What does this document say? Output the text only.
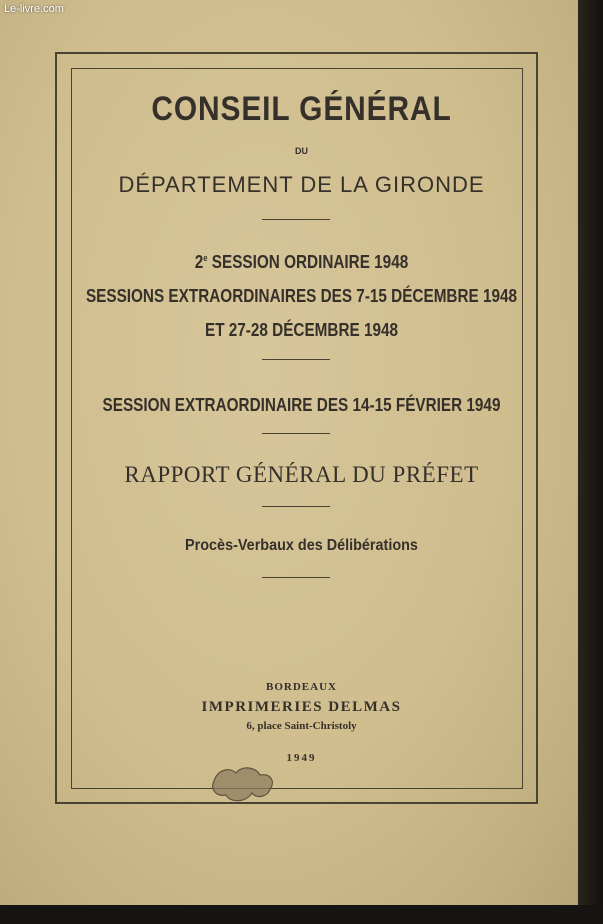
Le-livre.com
CONSEIL GÉNÉRAL
DU
DÉPARTEMENT DE LA GIRONDE
2e SESSION ORDINAIRE 1948
SESSIONS EXTRAORDINAIRES DES 7-15 DÉCEMBRE 1948
ET 27-28 DÉCEMBRE 1948
SESSION EXTRAORDINAIRE DES 14-15 FÉVRIER 1949
RAPPORT GÉNÉRAL DU PRÉFET
Procès-Verbaux des Délibérations
BORDEAUX
IMPRIMERIES DELMAS
6, place Saint-Christoly
1949
